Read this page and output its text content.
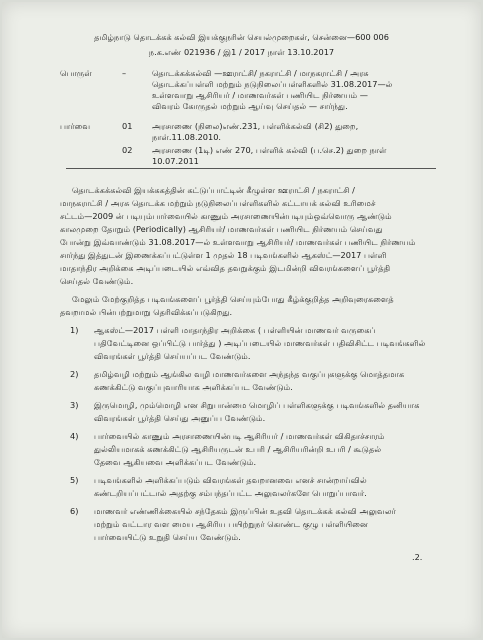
தமிழ்நாடு தொடக்கக் கல்வி இயக்குநரின் செயல்முறைகள், சென்னை—600 006
ந.க.எண் 021936 / இ1 / 2017 நாள் 13.10.2017
பொருள்	–	தொடக்கக்கல்வி —ஊராட்சி/ நகராட்சி / மாநகராட்சி / அரசு
தொடக்கப்பள்ளி மற்றும் நடுநிலைப்பள்ளிகளில் 31.08.2017—ல்
உள்ளவாறு ஆசிரியர் / மாணவர்கள் பணியிட நிர்ணயம் —
விவரம் கோருதல் மற்றும் ஆய்வு செய்தல் — சார்ந்து.
பார்வை	01 அரசாணை (நிலை)எண்.231, பள்ளிக்கல்வி (சி2) துறை,
நாள்.11.08.2010.
02 அரசாணை (1டி) எண் 270, பள்ளிக் கல்வி (ப.செ.2) துறை நாள்
10.07.2011
தொடக்கக்கல்வி இயக்ககத்தின் கட்டுப்பாட்டின் கீழுள்ள ஊராட்சி / நகராட்சி /
மாநகராட்சி / அரசு தொடக்க மற்றும் நடுநிலைப்பள்ளிகளில் கட்டாயக் கல்வி உரிமைச்
சட்டம்—2009 ன் படியும்பார்வையில் காணும் அரசாணையின்படியும்ஒவ்வொரு ஆண்டும்
காலமுறை தோறும் (Periodically) ஆசிரியர்/ மாணவர்கள் பணியிட நிர்ணயம் செய்வது
போன்று இவ்வாண்டும் 31.08.2017—ல் உள்ளவாறு ஆசிரியர்/ மாணவர்கள் பணியிட நிர்ணயம்
சார்ந்து இத்துடன் இணைக்கப்பட்டுள்ள 1 முதல் 18 படிவங்களில் ஆகஸ்ட்—2017 பள்ளி
மாதாந்திர அறிக்கை அடிப்படையில் எவ்வித தவறுக்கும் இடமின்றி விவரங்களைப் பூர்த்தி
செய்தல் வேண்டும்.
மேலும் மேற்குறித்த படிவங்களைப் பூர்த்தி செய்யும்போது கீழ்க்குறித்த அறிவுரைகளைத்
தவறாமல் பின்பற்றுமாறு தெரிவிக்கப்படுகிறது.
1) ஆகஸ்ட்—2017 பள்ளி மாதாந்திர அறிக்கை ( பள்ளியின் மாணவர் வருகைப்
பதிவேட்டினை ஒப்பிட்டு பார்த்து ) அடிப்படையில் மாணவர்கள் பதிவிசிட்ட படிவங்களில்
விவரங்கள் பூர்த்தி செய்யப்பட வேண்டும்.
2) தமிழ்வழி மற்றும் ஆங்கில வழி மாணவர்களை அந்தந்த வகுப்புகளுக்கு மொத்தமாக
கணக்கிட்டு வகுப்புவாரியாக அளிக்கப்பட வேண்டும்.
3) இருமொழி, மும்மொழி என சிறுபான்மை மொழிப் பள்ளிகளுக்கு படிவங்களில் தனியாக
விவரங்கள் பூர்த்தி செய்து அனுப்ப வேண்டும்.
4) பார்வையில் காணும் அரசாணையின்படி ஆசிரியர் / மாணவர்கள் விகிதாச்சாரம்
துல்லியமாகக் கணக்கிட்டு ஆசிரியருடன் உபரி / ஆசிரியரின்றி உபரி / கூடுதல்
தேவை ஆகியவை அளிக்கப்பட வேண்டும்.
5) படிவங்களில் அளிக்கப்படும் விவரங்கள் தவறானவை எனச் சான்றாய்வில்
கண்டறியப்பட்டால் அதற்கு சம்பந்தப்பட்ட அலுவலர்களே பொறுப்பாவர்.
6) மாணவர் எண்ணிக்கையில் சந்தேகம் இருப்பின் உதவி தொடக்கக் கல்வி அலுவலர்
மற்றும் வட்டார வள மைய ஆசிரிய பயிற்றுநர் கொண்ட குழு பள்ளியினை
பார்வையிட்டு உறுதி செய்ய வேண்டும்.
.2.
